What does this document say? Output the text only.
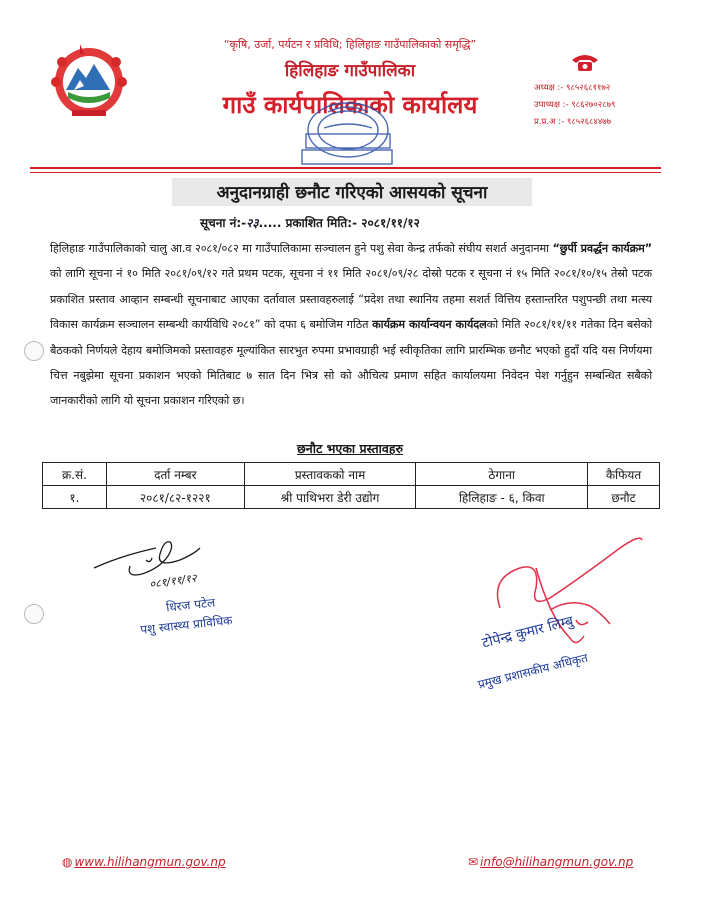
“कृषि, उर्जा, पर्यटन र प्रविधि; हिलिहाङ गाउँपालिकाको समृद्धि”
हिलिहाङ गाउँपालिका
गाउँ कार्यपालिकाको कार्यालय
अध्यक्ष :- ९८५२६८११७२
उपाध्यक्ष :- ९८६२७०२८७९
प्र.प्र.अ :- ९८५२६८४४७७
अनुदानग्राही छनौट गरिएको आसयको सूचना
सूचना नं:-२३..... प्रकाशित मिति:- २०८१/११/१२
हिलिहाङ गाउँपालिकाको चालु आ.व २०८१/०८२ मा गाउँपालिकामा सञ्चालन हुने पशु सेवा केन्द्र तर्फको संघीय सशर्त अनुदानमा “छुर्पी प्रवर्द्धन कार्यक्रम” को लागि सूचना नं १० मिति २०८१/०९/१२ गते प्रथम पटक, सूचना नं ११ मिति २०८१/०९/२८ दोस्रो पटक र सूचना नं १५ मिति २०८१/१०/१५ तेस्रो पटक प्रकाशित प्रस्ताव आव्हान सम्बन्धी सूचनाबाट आएका दर्तावाल प्रस्तावहरुलाई “प्रदेश तथा स्थानिय तहमा सशर्त वित्तिय हस्तान्तरित पशुपन्छी तथा मत्स्य विकास कार्यक्रम सञ्चालन सम्बन्धी कार्यविधि २०८१” को दफा ६ बमोजिम गठित कार्यक्रम कार्यान्वयन कार्यदलको मिति २०८१/११/११ गतेका दिन बसेको बैठकको निर्णयले देहाय बमोजिमको प्रस्तावहरु मूल्यांकित सारभुत रुपमा प्रभावग्राही भई स्वीकृतिका लागि प्रारम्भिक छनौट भएको हुदाँ यदि यस निर्णयमा चित्त नबुझेमा सूचना प्रकाशन भएको मितिबाट ७ सात दिन भित्र सो को औचित्य प्रमाण सहित कार्यालयमा निवेदन पेश गर्नुहुन सम्बन्धित सबैको जानकारीको लागि यो सूचना प्रकाशन गरिएको छ।
छनौट भएका प्रस्तावहरु
क्र.सं.	दर्ता नम्बर	प्रस्तावककाे नाम	ठेगाना	कैफियत
१.	२०८१/८२-१२२१	श्री पाथिभरा डेरी उद्योग	हिलिहाङ - ६, किवा	छनौट
०८१/११/१२
धिरज पटेल
पशु स्वास्थ्य प्राविधिक	टोपेन्द्र कुमार लिम्बु
प्रमुख प्रशासकीय अधिकृत
◍ www.hilihangmun.gov.np	✉ info@hilihangmun.gov.np
